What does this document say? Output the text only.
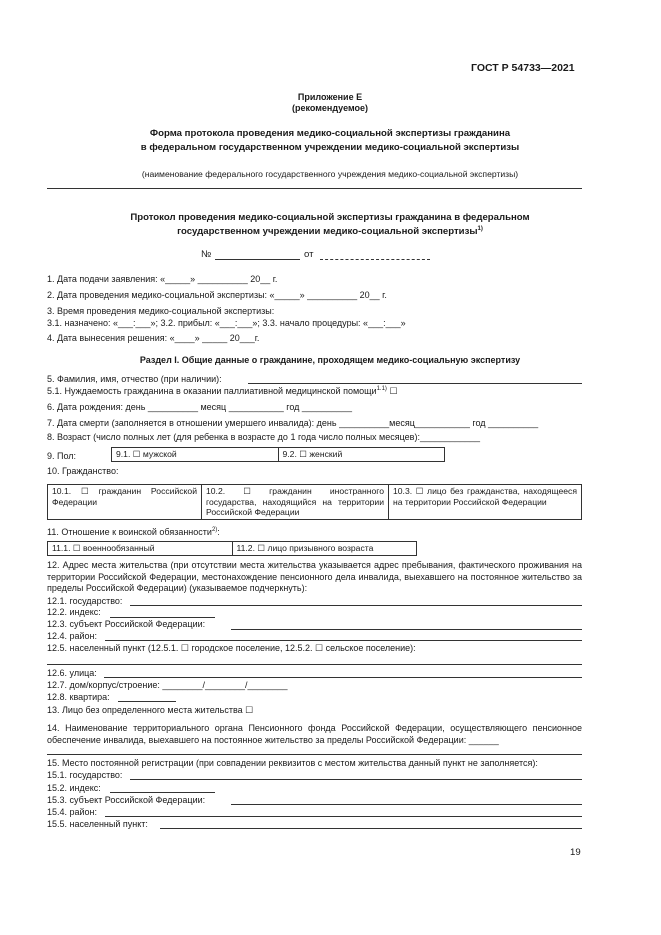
ГОСТ Р 54733—2021
Приложение Е
(рекомендуемое)
Форма протокола проведения медико-социальной экспертизы гражданина
в федеральном государственном учреждении медико-социальной экспертизы
(наименование федерального государственного учреждения медико-социальной экспертизы)
Протокол проведения медико-социальной экспертизы гражданина в федеральном
государственном учреждении медико-социальной экспертизы$^{1)}$
№	от
1. Дата подачи заявления: «_____» __________ 20__ г.
2. Дата проведения медико-социальной экспертизы: «_____» __________ 20__ г.
3. Время проведения медико-социальной экспертизы:
3.1. назначено: «___:___»; 3.2. прибыл: «___:___»; 3.3. начало процедуры: «___:___»
4. Дата вынесения решения: «____» _____ 20___г.
Раздел I. Общие данные о гражданине, проходящем медико-социальную экспертизу
5. Фамилия, имя, отчество (при наличии):
5.1. Нуждаемость гражданина в оказании паллиативной медицинской помощи$^{1.1)}$ ☐
6. Дата рождения: день __________ месяц ___________ год __________
7. Дата смерти (заполняется в отношении умершего инвалида): день __________месяц___________ год __________
8. Возраст (число полных лет (для ребенка в возрасте до 1 года число полных месяцев):____________
9. Пол:	9.1. ☐ мужской	9.2. ☐ женский
10. Гражданство:
10.1. ☐ гражданин Российской Федерации	10.2. ☐ гражданин иностранного государства, находящийся на территории Российской Федерации	10.3. ☐ лицо без гражданства, находящееся на территории Российской Федерации
11. Отношение к воинской обязанности$^{2)}$:
11.1. ☐ военнообязанный	11.2. ☐ лицо призывного возраста
12. Адрес места жительства (при отсутствии места жительства указывается адрес пребывания, фактического проживания на территории Российской Федерации, местонахождение пенсионного дела инвалида, выехавшего на постоянное жительство за пределы Российской Федерации) (указываемое подчеркнуть):
12.1. государство:
12.2. индекс:
12.3. субъект Российской Федерации:
12.4. район:
12.5. населенный пункт (12.5.1. ☐ городское поселение, 12.5.2. ☐ сельское поселение):
12.6. улица:
12.7. дом/корпус/строение: ________/________/________
12.8. квартира:
13. Лицо без определенного места жительства ☐
14. Наименование территориального органа Пенсионного фонда Российской Федерации, осуществляющего пенсионное обеспечение инвалида, выехавшего на постоянное жительство за пределы Российской Федерации: ______
15. Место постоянной регистрации (при совпадении реквизитов с местом жительства данный пункт не заполняется):
15.1. государство:
15.2. индекс:
15.3. субъект Российской Федерации:
15.4. район:
15.5. населенный пункт:
19
